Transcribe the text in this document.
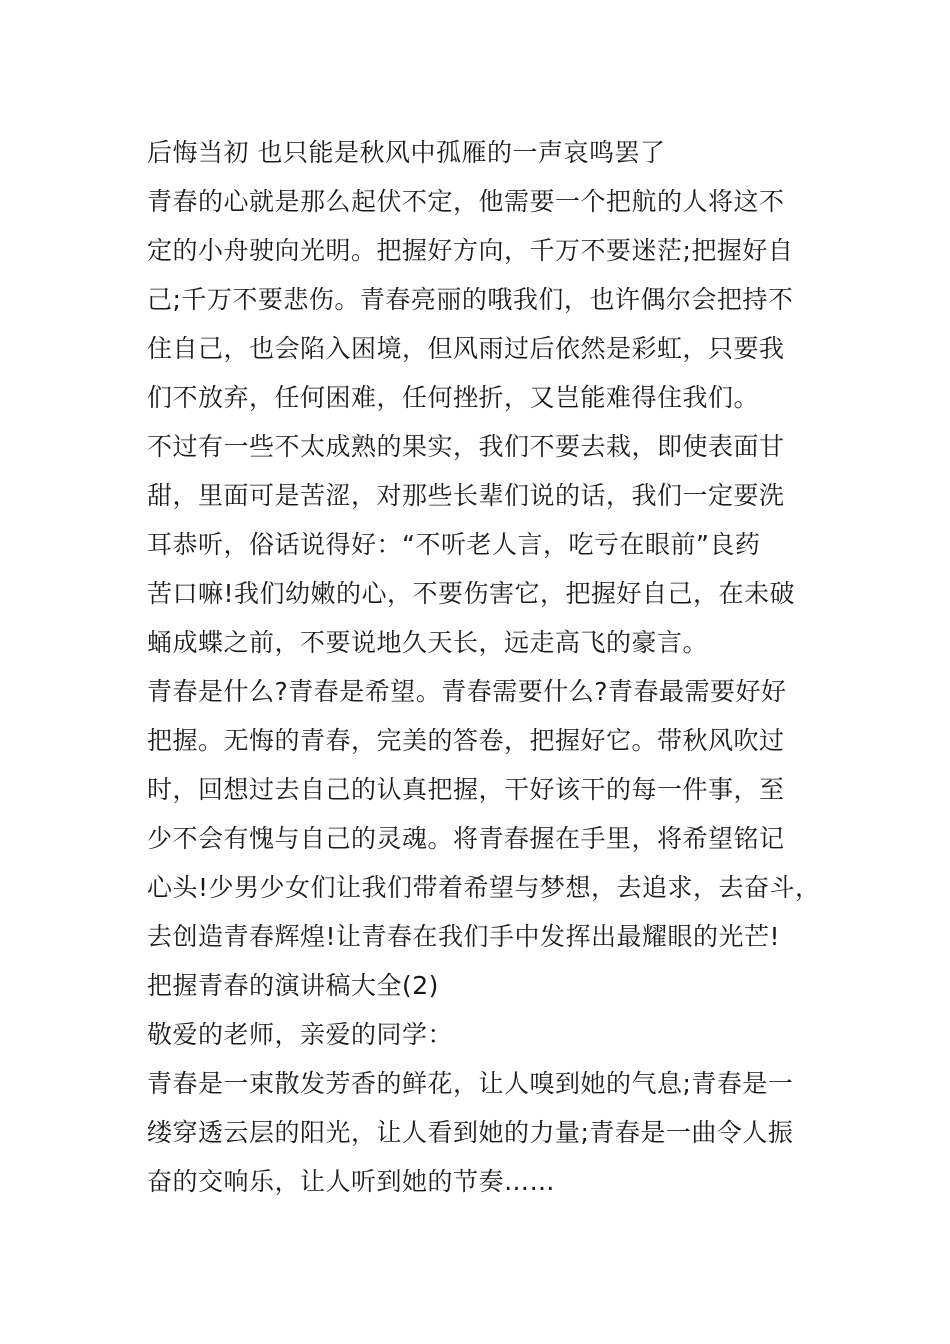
后悔当初 也只能是秋风中孤雁的一声哀鸣罢了
青春的心就是那么起伏不定，他需要一个把航的人将这不
定的小舟驶向光明。把握好方向，千万不要迷茫;把握好自
己;千万不要悲伤。青春亮丽的哦我们，也许偶尔会把持不
住自己，也会陷入困境，但风雨过后依然是彩虹，只要我
们不放弃，任何困难，任何挫折，又岂能难得住我们。
不过有一些不太成熟的果实，我们不要去栽，即使表面甘
甜，里面可是苦涩，对那些长辈们说的话，我们一定要洗
耳恭听，俗话说得好：“不听老人言，吃亏在眼前”良药
苦口嘛!我们幼嫩的心，不要伤害它，把握好自己，在未破
蛹成蝶之前，不要说地久天长，远走高飞的豪言。
青春是什么?青春是希望。青春需要什么?青春最需要好好
把握。无悔的青春，完美的答卷，把握好它。带秋风吹过
时，回想过去自己的认真把握，干好该干的每一件事，至
少不会有愧与自己的灵魂。将青春握在手里，将希望铭记
心头!少男少女们让我们带着希望与梦想，去追求，去奋斗，
去创造青春辉煌!让青春在我们手中发挥出最耀眼的光芒!
把握青春的演讲稿大全(2)
敬爱的老师，亲爱的同学：
青春是一束散发芳香的鲜花，让人嗅到她的气息;青春是一
缕穿透云层的阳光，让人看到她的力量;青春是一曲令人振
奋的交响乐，让人听到她的节奏……
